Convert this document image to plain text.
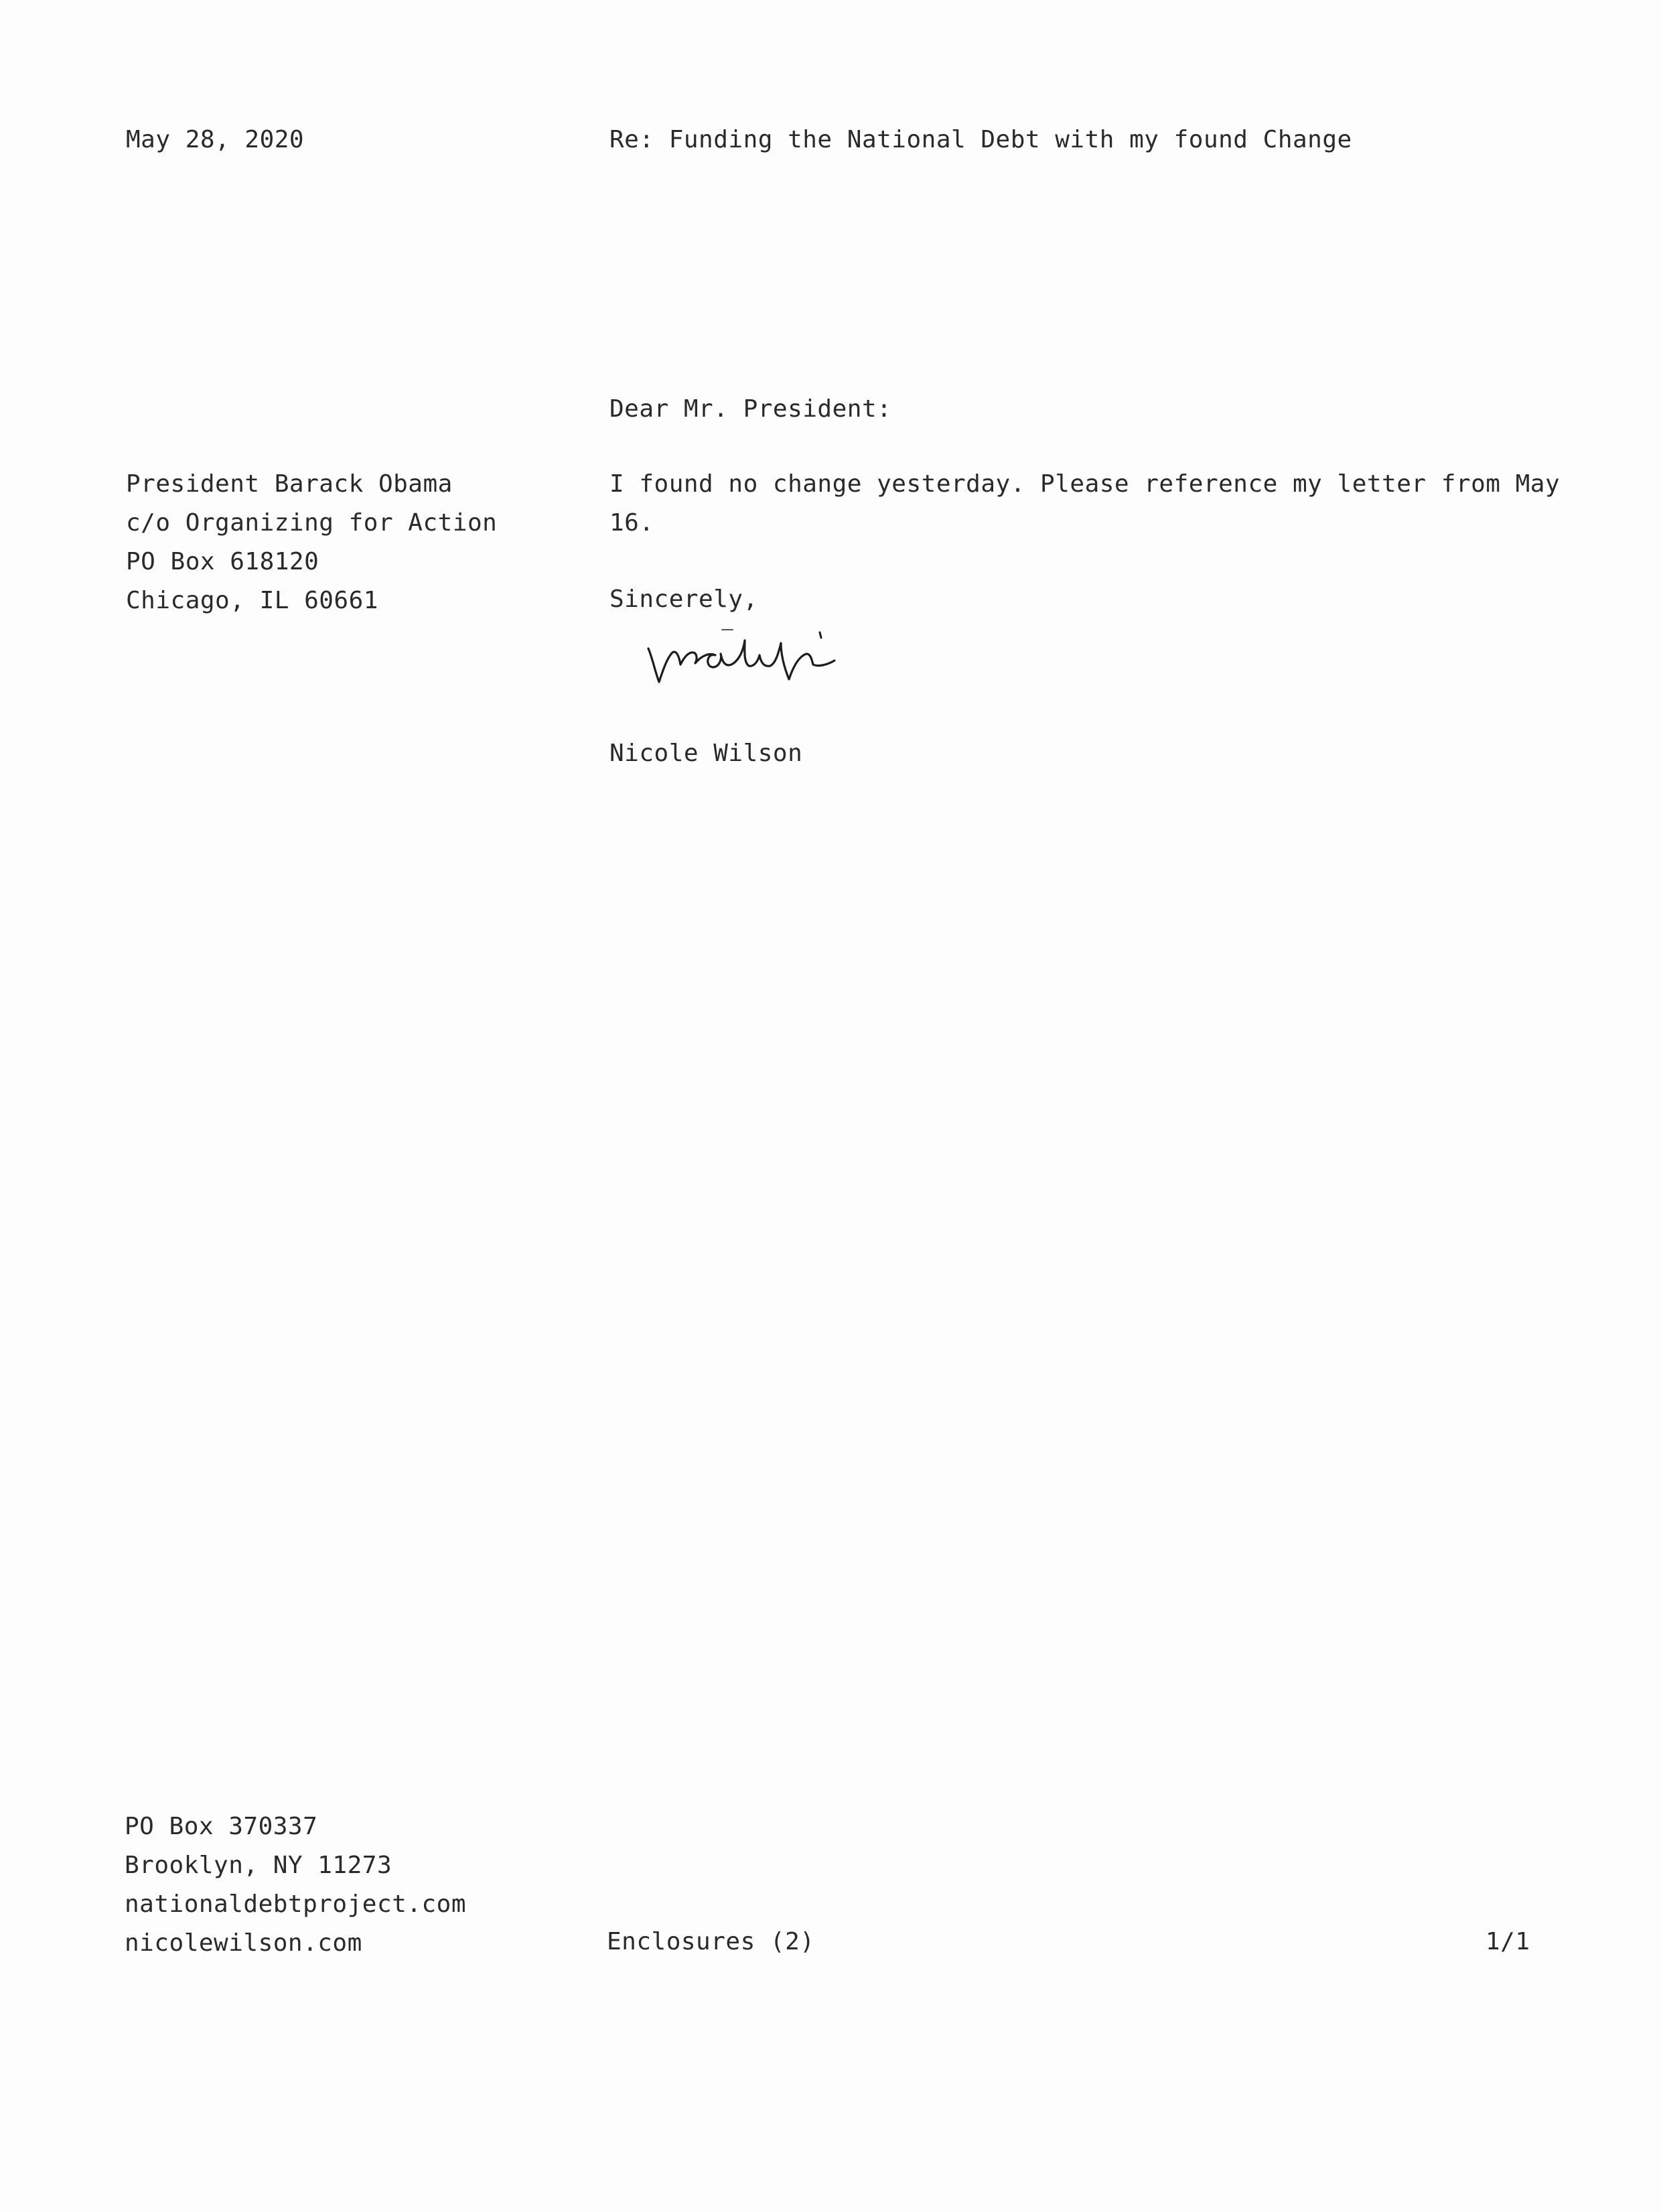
May 28, 2020	Re: Funding the National Debt with my found Change
Dear Mr. President:
President Barack Obama
c/o Organizing for Action
PO Box 618120
Chicago, IL 60661
I found no change yesterday. Please reference my letter from May
16.
Sincerely,
Nicole Wilson
PO Box 370337
Brooklyn, NY 11273
nationaldebtproject.com
nicolewilson.com	Enclosures (2)	1/1
